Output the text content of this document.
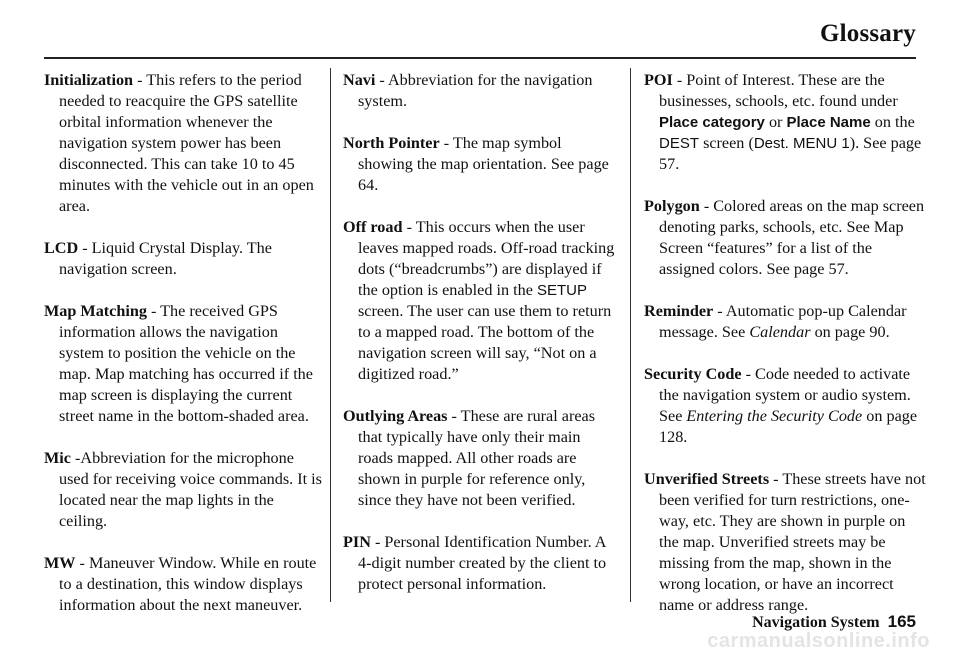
Glossary

Initialization - This refers to the period needed to reacquire the GPS satellite orbital information whenever the navigation system power has been disconnected. This can take 10 to 45 minutes with the vehicle out in an open area.

LCD - Liquid Crystal Display. The navigation screen.

Map Matching - The received GPS information allows the navigation system to position the vehicle on the map. Map matching has occurred if the map screen is displaying the current street name in the bottom-shaded area.

Mic -Abbreviation for the microphone used for receiving voice commands. It is located near the map lights in the ceiling.

MW - Maneuver Window. While en route to a destination, this window displays information about the next maneuver.

Navi - Abbreviation for the navigation system.

North Pointer - The map symbol showing the map orientation. See page 64.

Off road - This occurs when the user leaves mapped roads. Off-road tracking dots (“breadcrumbs”) are displayed if the option is enabled in the SETUP screen. The user can use them to return to a mapped road. The bottom of the navigation screen will say, “Not on a digitized road.”

Outlying Areas - These are rural areas that typically have only their main roads mapped. All other roads are shown in purple for reference only, since they have not been verified.

PIN - Personal Identification Number. A 4-digit number created by the client to protect personal information.

POI - Point of Interest. These are the businesses, schools, etc. found under Place category or Place Name on the DEST screen (Dest. MENU 1). See page 57.

Polygon - Colored areas on the map screen denoting parks, schools, etc. See Map Screen “features” for a list of the assigned colors. See page 57.

Reminder - Automatic pop-up Calendar message. See Calendar on page 90.

Security Code - Code needed to activate the navigation system or audio system. See Entering the Security Code on page 128.

Unverified Streets - These streets have not been verified for turn restrictions, one-way, etc. They are shown in purple on the map. Unverified streets may be missing from the map, shown in the wrong location, or have an incorrect name or address range.

Navigation System 165
carmanualsonline.info
